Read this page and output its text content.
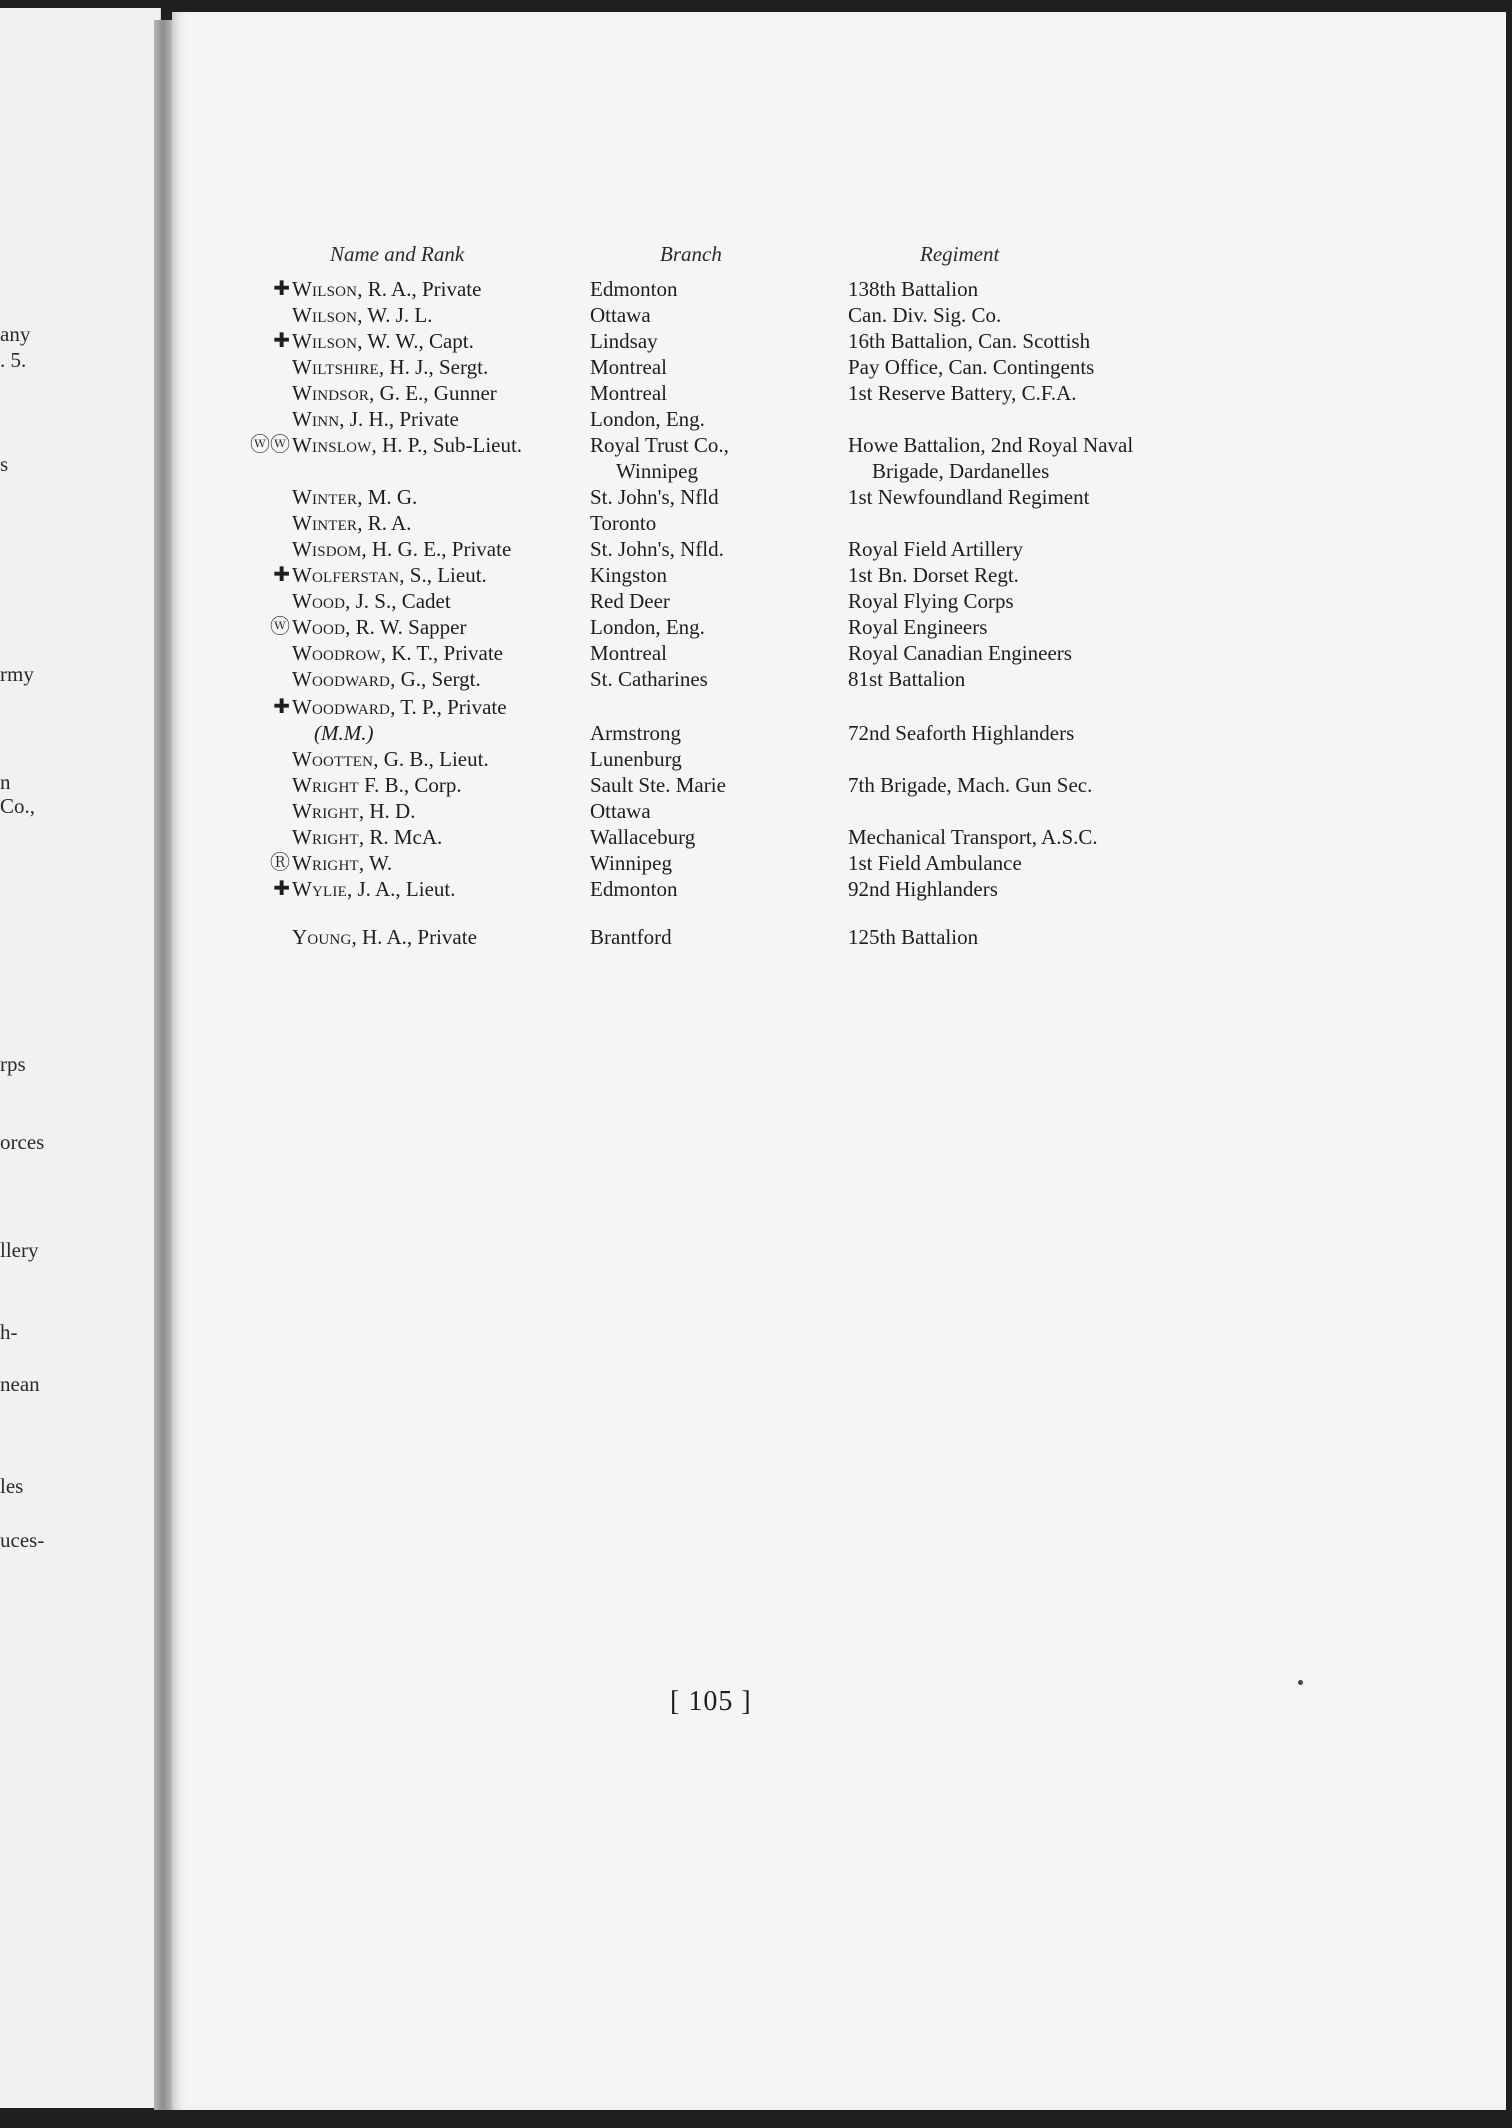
any
. 5.
s
rmy
n
Co.,
rps
orces
llery
h-
nean
les
uces-
Name and Rank	Branch	Regiment
✚ Wilson, R. A., Private	Edmonton	138th Battalion
Wilson, W. J. L.	Ottawa	Can. Div. Sig. Co.
✚ Wilson, W. W., Capt.	Lindsay	16th Battalion, Can. Scottish
Wiltshire, H. J., Sergt.	Montreal	Pay Office, Can. Contingents
Windsor, G. E., Gunner	Montreal	1st Reserve Battery, C.F.A.
Winn, J. H., Private	London, Eng.
ⓦⓦ Winslow, H. P., Sub-Lieut.	Royal Trust Co.,	Howe Battalion, 2nd Royal Naval
Winnipeg	Brigade, Dardanelles
Winter, M. G.	St. John's, Nfld	1st Newfoundland Regiment
Winter, R. A.	Toronto
Wisdom, H. G. E., Private	St. John's, Nfld.	Royal Field Artillery
✚ Wolferstan, S., Lieut.	Kingston	1st Bn. Dorset Regt.
Wood, J. S., Cadet	Red Deer	Royal Flying Corps
ⓦ Wood, R. W. Sapper	London, Eng.	Royal Engineers
Woodrow, K. T., Private	Montreal	Royal Canadian Engineers
Woodward, G., Sergt.	St. Catharines	81st Battalion
✚ Woodward, T. P., Private
(M.M.)	Armstrong	72nd Seaforth Highlanders
Wootten, G. B., Lieut.	Lunenburg
Wright F. B., Corp.	Sault Ste. Marie	7th Brigade, Mach. Gun Sec.
Wright, H. D.	Ottawa
Wright, R. McA.	Wallaceburg	Mechanical Transport, A.S.C.
Ⓡ Wright, W.	Winnipeg	1st Field Ambulance
✚ Wylie, J. A., Lieut.	Edmonton	92nd Highlanders
Young, H. A., Private	Brantford	125th Battalion
[ 105 ]
